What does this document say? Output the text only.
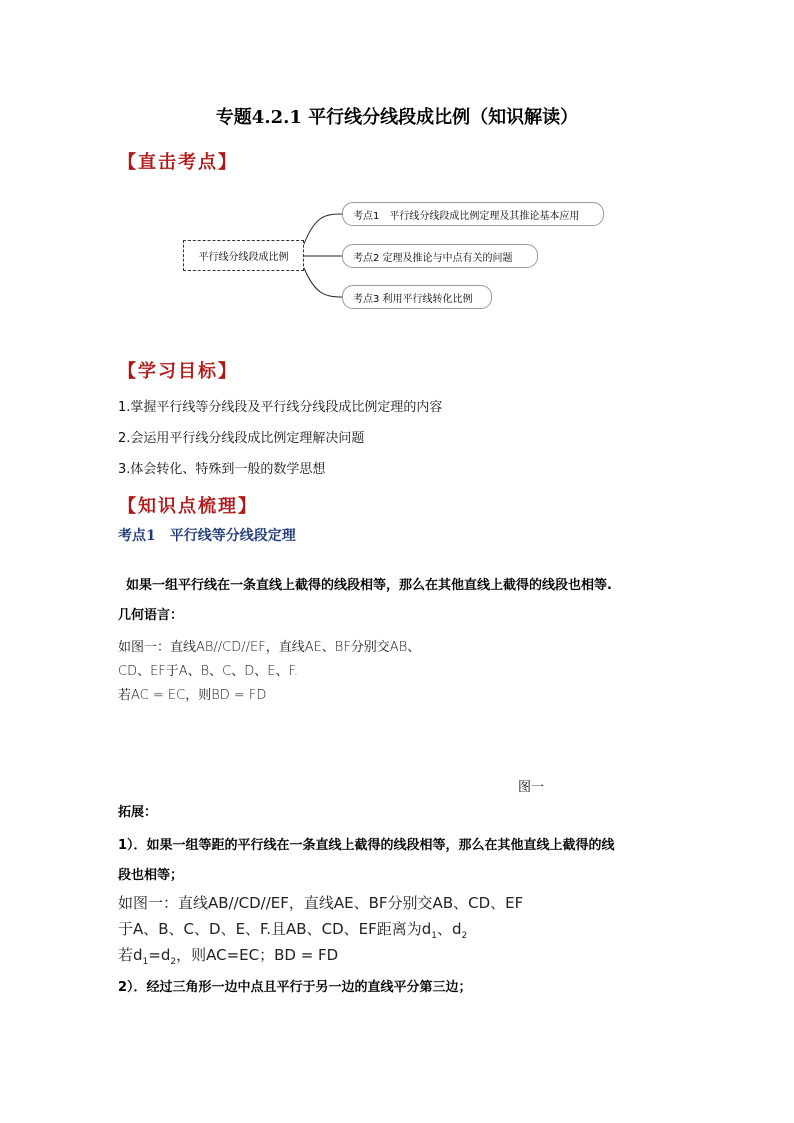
专题4.2.1 平行线分线段成比例（知识解读）
【直击考点】
平行线分线段成比例
考点1　平行线分线段成比例定理及其推论基本应用
考点2 定理及推论与中点有关的问题
考点3 利用平行线转化比例
【学习目标】
1.掌握平行线等分线段及平行线分线段成比例定理的内容
2.会运用平行线分线段成比例定理解决问题
3.体会转化、特殊到一般的数学思想
【知识点梳理】
考点1　平行线等分线段定理
如果一组平行线在一条直线上截得的线段相等，那么在其他直线上截得的线段也相等.
几何语言：
如图一：直线AB//CD//EF，直线AE、BF分别交AB、
CD、EF于A、B、C、D、E、F.
若AC = EC，则BD = FD
图一
拓展：
1）．如果一组等距的平行线在一条直线上截得的线段相等，那么在其他直线上截得的线
段也相等；
如图一：直线AB//CD//EF，直线AE、BF分别交AB、CD、EF
于A、B、C、D、E、F.且AB、CD、EF距离为$d_1$、$d_2$
若$d_1=d_2$，则AC=EC；BD = FD
2）．经过三角形一边中点且平行于另一边的直线平分第三边；
